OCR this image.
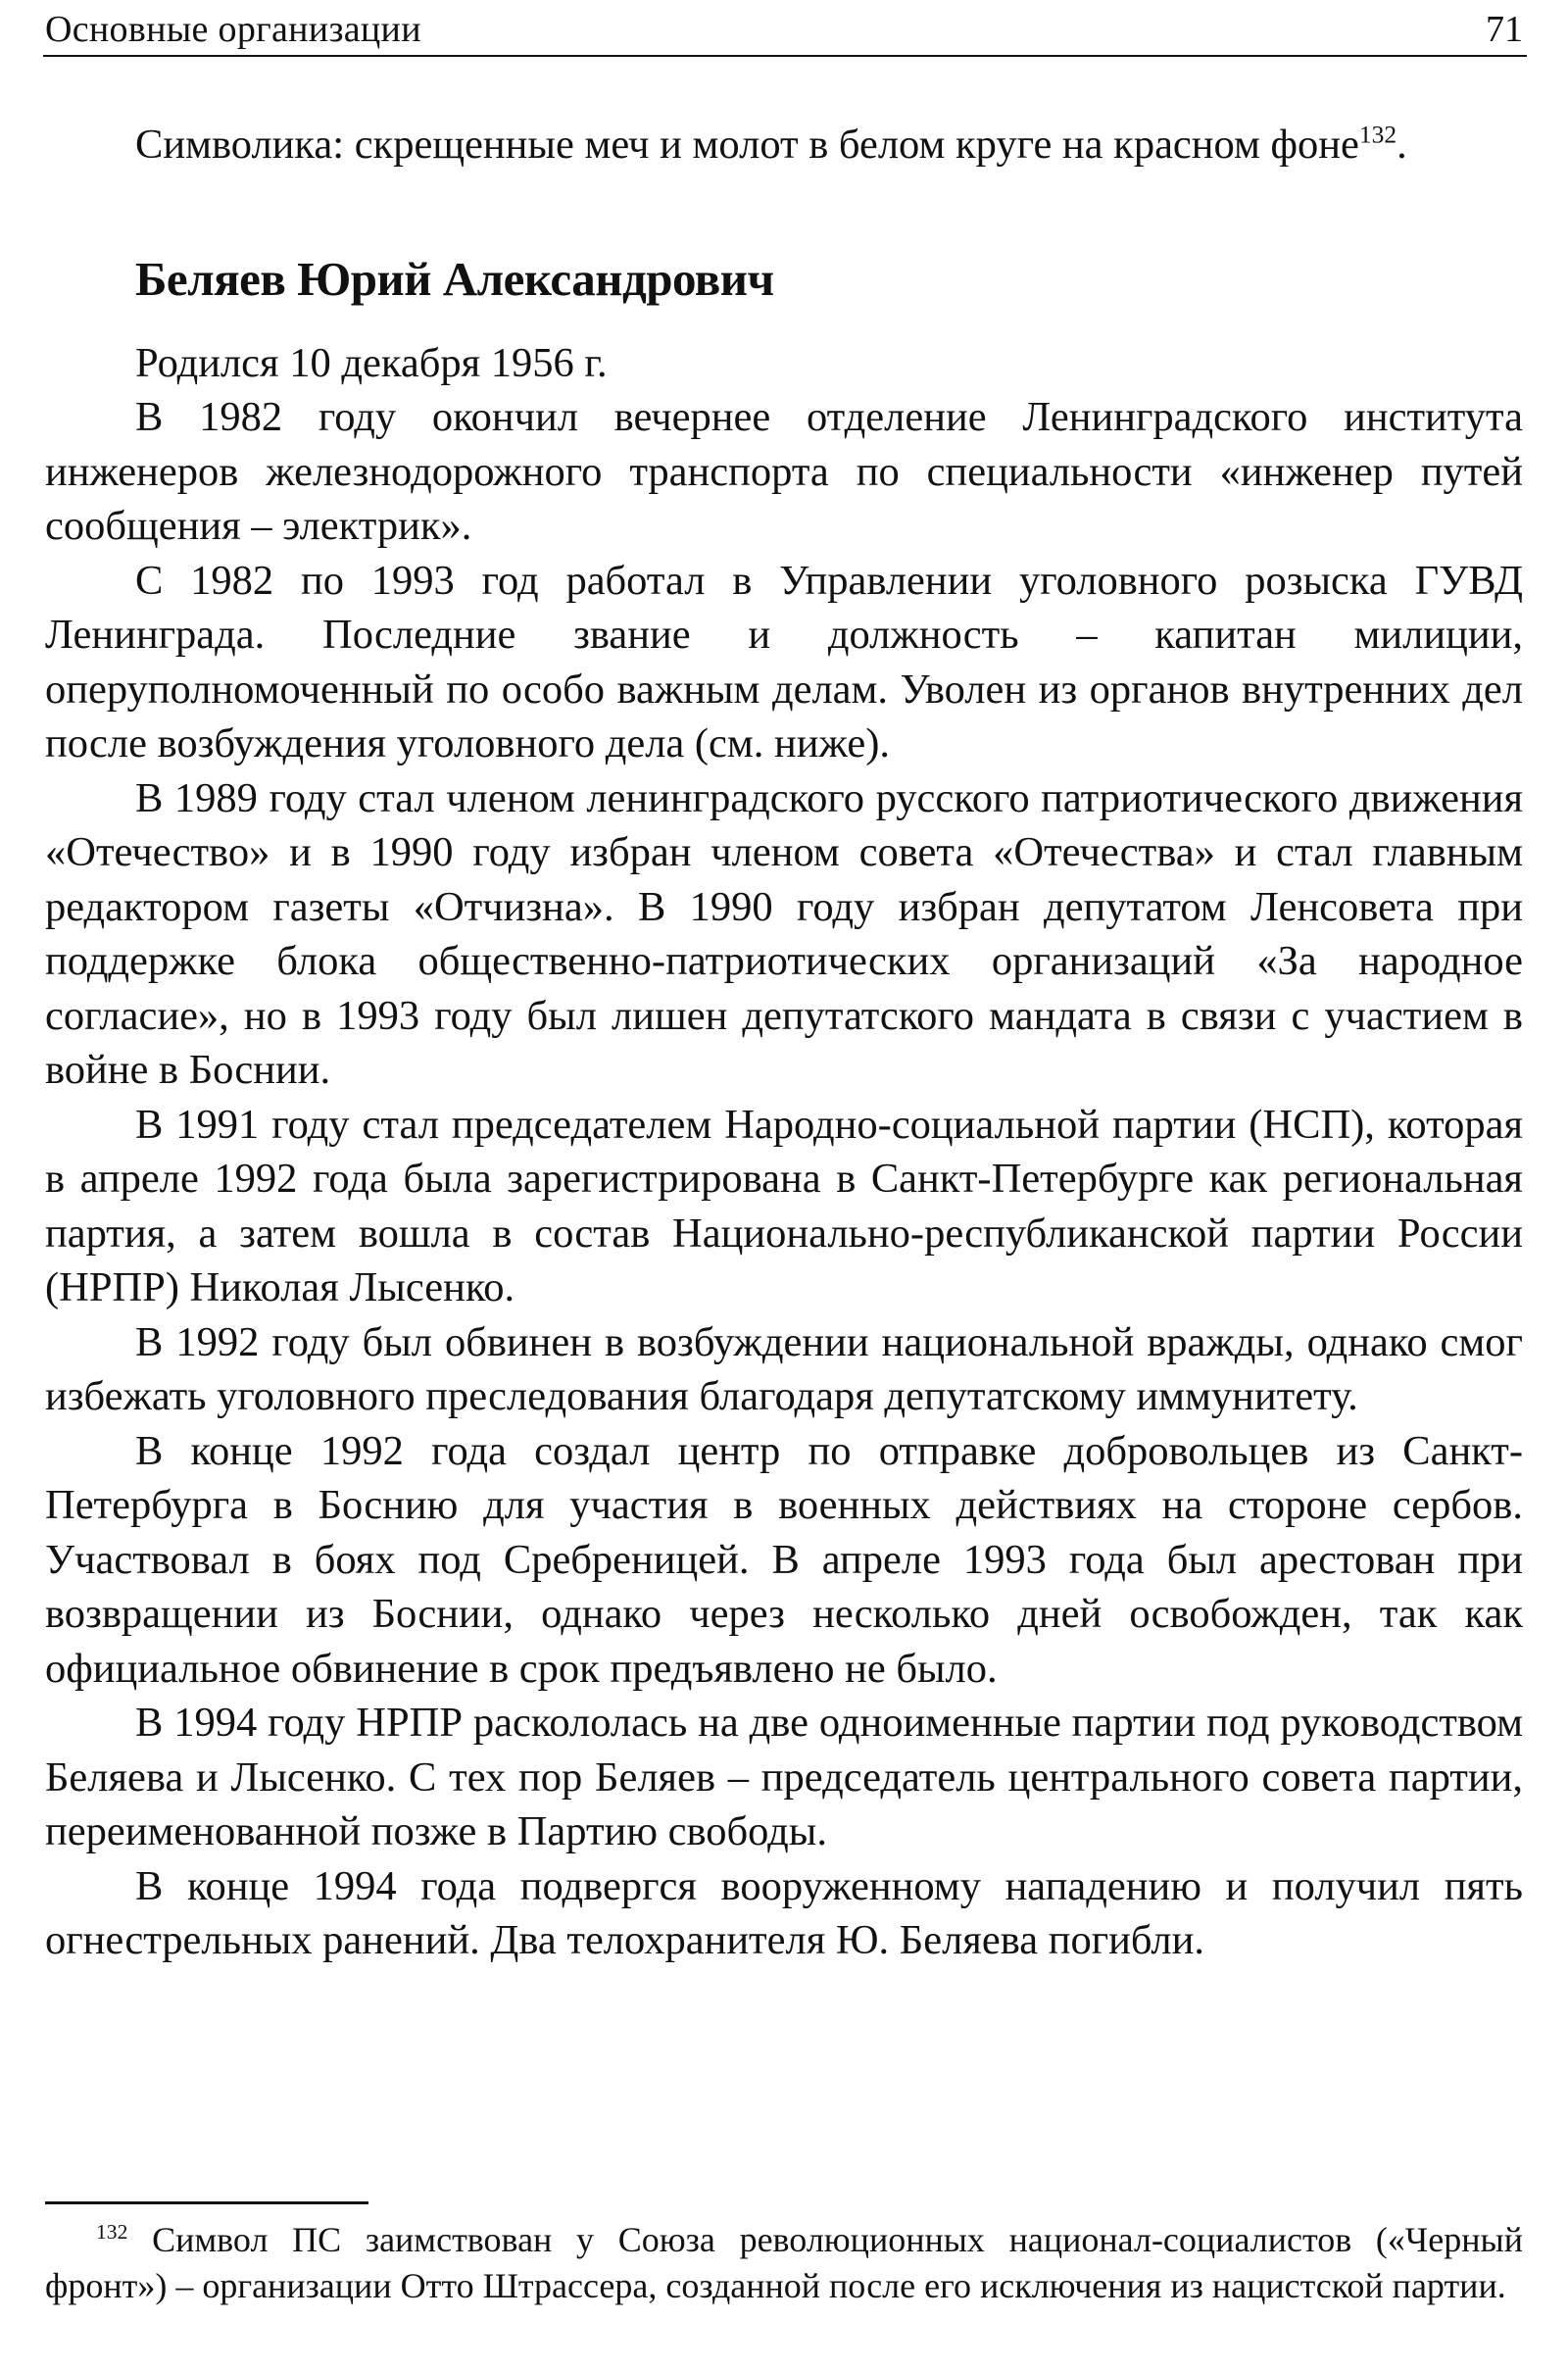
Основные организации	71

Символика: скрещенные меч и молот в белом круге на красном фоне$^{132}$.

Беляев Юрий Александрович

Родился 10 декабря 1956 г.

В 1982 году окончил вечернее отделение Ленинградского института инженеров железнодорожного транспорта по специальности «инженер путей сообщения – электрик».

С 1982 по 1993 год работал в Управлении уголовного розыска ГУВД Ленинграда. Последние звание и должность – капитан милиции, оперуполномоченный по особо важным делам. Уволен из органов внутренних дел после возбуждения уголовного дела (см. ниже).

В 1989 году стал членом ленинградского русского патриотического движения «Отечество» и в 1990 году избран членом совета «Отечества» и стал главным редактором газеты «Отчизна». В 1990 году избран депутатом Ленсовета при поддержке блока общественно-патриотических организаций «За народное согласие», но в 1993 году был лишен депутатского мандата в связи с участием в войне в Боснии.

В 1991 году стал председателем Народно-социальной партии (НСП), которая в апреле 1992 года была зарегистрирована в Санкт-Петербурге как региональная партия, а затем вошла в состав Национально-республиканской партии России (НРПР) Николая Лысенко.

В 1992 году был обвинен в возбуждении национальной вражды, однако смог избежать уголовного преследования благодаря депутатскому иммунитету.

В конце 1992 года создал центр по отправке добровольцев из Санкт-Петербурга в Боснию для участия в военных действиях на стороне сербов. Участвовал в боях под Сребреницей. В апреле 1993 года был арестован при возвращении из Боснии, однако через несколько дней освобожден, так как официальное обвинение в срок предъявлено не было.

В 1994 году НРПР раскололась на две одноименные партии под руководством Беляева и Лысенко. С тех пор Беляев – председатель центрального совета партии, переименованной позже в Партию свободы.

В конце 1994 года подвергся вооруженному нападению и получил пять огнестрельных ранений. Два телохранителя Ю. Беляева погибли.

$^{132}$ Символ ПС заимствован у Союза революционных национал-социалистов («Черный фронт») – организации Отто Штрассера, созданной после его исключения из нацистской партии.
